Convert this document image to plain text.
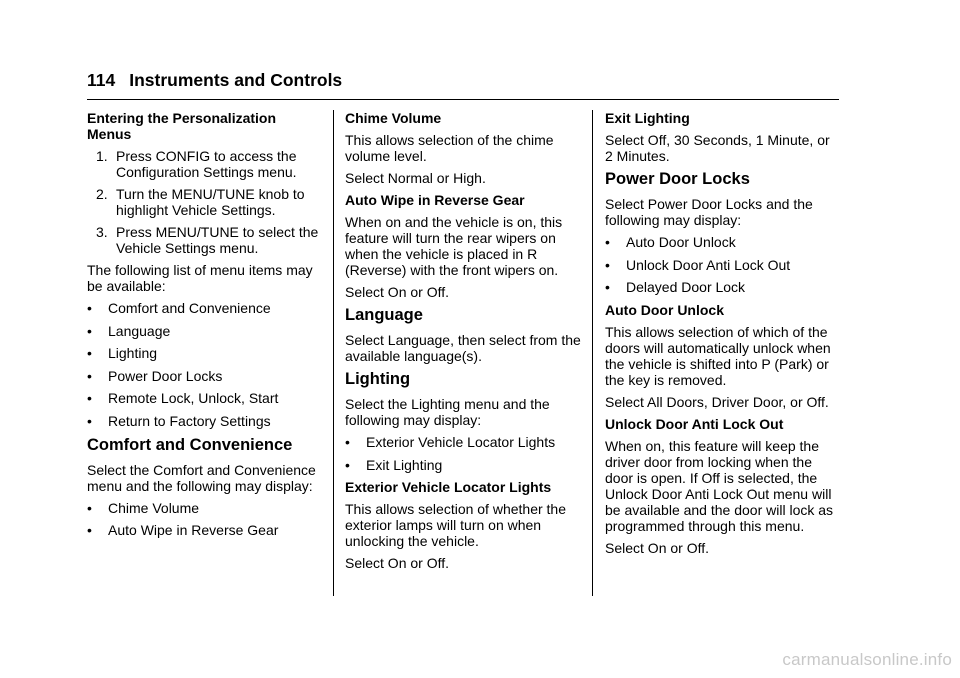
114 Instruments and Controls
Entering the Personalization Menus
1. Press CONFIG to access the Configuration Settings menu.
2. Turn the MENU/TUNE knob to highlight Vehicle Settings.
3. Press MENU/TUNE to select the Vehicle Settings menu.
The following list of menu items may be available:
• Comfort and Convenience
• Language
• Lighting
• Power Door Locks
• Remote Lock, Unlock, Start
• Return to Factory Settings
Comfort and Convenience
Select the Comfort and Convenience menu and the following may display:
• Chime Volume
• Auto Wipe in Reverse Gear
Chime Volume
This allows selection of the chime volume level.
Select Normal or High.
Auto Wipe in Reverse Gear
When on and the vehicle is on, this feature will turn the rear wipers on when the vehicle is placed in R (Reverse) with the front wipers on.
Select On or Off.
Language
Select Language, then select from the available language(s).
Lighting
Select the Lighting menu and the following may display:
• Exterior Vehicle Locator Lights
• Exit Lighting
Exterior Vehicle Locator Lights
This allows selection of whether the exterior lamps will turn on when unlocking the vehicle.
Select On or Off.
Exit Lighting
Select Off, 30 Seconds, 1 Minute, or 2 Minutes.
Power Door Locks
Select Power Door Locks and the following may display:
• Auto Door Unlock
• Unlock Door Anti Lock Out
• Delayed Door Lock
Auto Door Unlock
This allows selection of which of the doors will automatically unlock when the vehicle is shifted into P (Park) or the key is removed.
Select All Doors, Driver Door, or Off.
Unlock Door Anti Lock Out
When on, this feature will keep the driver door from locking when the door is open. If Off is selected, the Unlock Door Anti Lock Out menu will be available and the door will lock as programmed through this menu.
Select On or Off.
carmanualsonline.info
